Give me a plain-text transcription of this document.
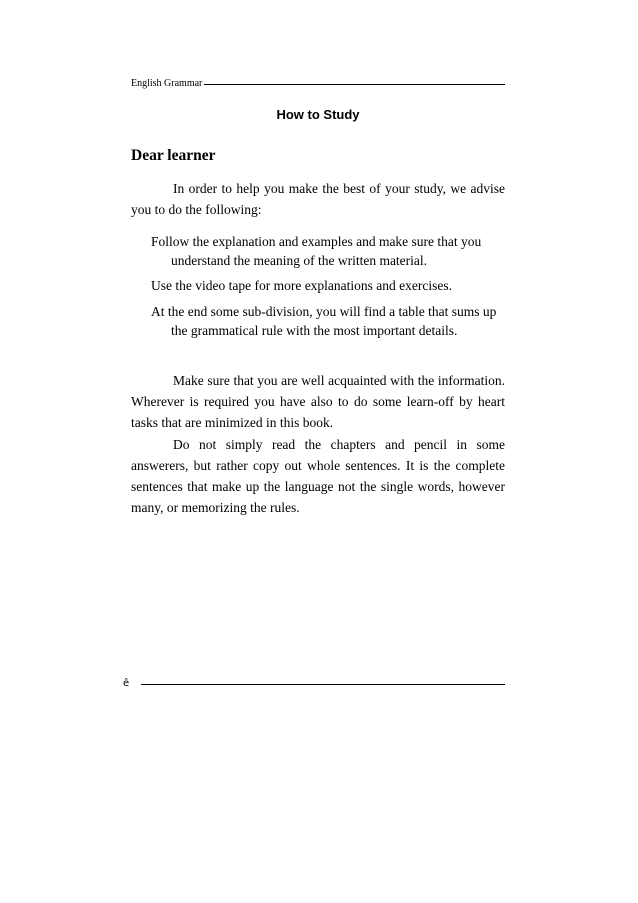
English Grammar
How to Study
Dear learner

In order to help you make the best of your study, we advise you to do the following:

Follow the explanation and examples and make sure that you understand the meaning of the written material.
Use the video tape for more explanations and exercises.
At the end some sub-division, you will find a table that sums up the grammatical rule with the most important details.

Make sure that you are well acquainted with the information. Wherever is required you have also to do some learn-off by heart tasks that are minimized in this book.

Do not simply read the chapters and pencil in some answerers, but rather copy out whole sentences. It is the complete sentences that make up the language not the single words, however many, or memorizing the rules.

ê
